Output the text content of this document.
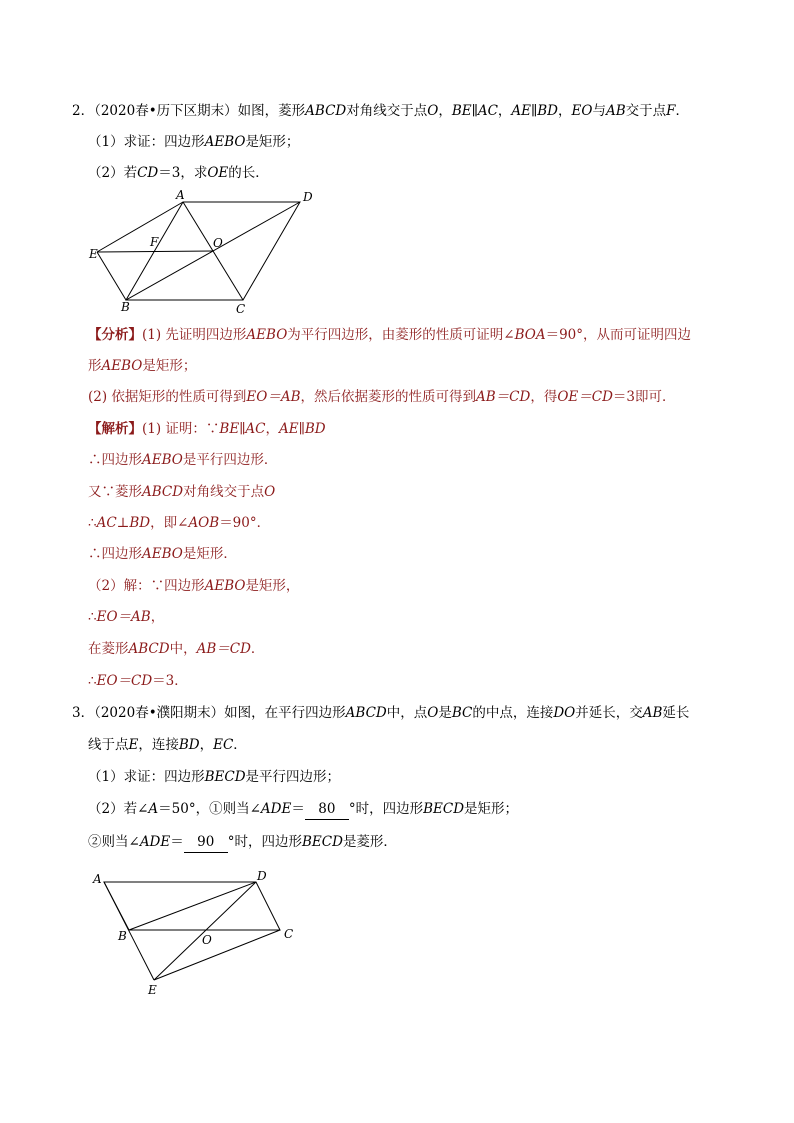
2．（2020春•历下区期末）如图，菱形ABCD对角线交于点O，BE∥AC，AE∥BD，EO与AB交于点F．
（1）求证：四边形AEBO是矩形；
（2）若CD＝3，求OE的长．
A	D
E
F	O
B	C
A	D
B	O	C
E
【分析】(1) 先证明四边形AEBO为平行四边形，由菱形的性质可证明∠BOA＝90°，从而可证明四边
形AEBO是矩形；
(2) 依据矩形的性质可得到EO＝AB，然后依据菱形的性质可得到AB＝CD，得OE＝CD＝3即可．
【解析】(1) 证明：∵BE∥AC，AE∥BD
∴四边形AEBO是平行四边形．
又∵菱形ABCD对角线交于点O
∴AC⊥BD，即∠AOB＝90°．
∴四边形AEBO是矩形．
（2）解：∵四边形AEBO是矩形，
∴EO＝AB，
在菱形ABCD中，AB＝CD．
∴EO＝CD＝3．
3．（2020春•濮阳期末）如图，在平行四边形ABCD中，点O是BC的中点，连接DO并延长，交AB延长
线于点E，连接BD，EC．
（1）求证：四边形BECD是平行四边形；
（2）若∠A＝50°，①则当∠ADE＝ 80 °时，四边形BECD是矩形；
②则当∠ADE＝ 90 °时，四边形BECD是菱形．
